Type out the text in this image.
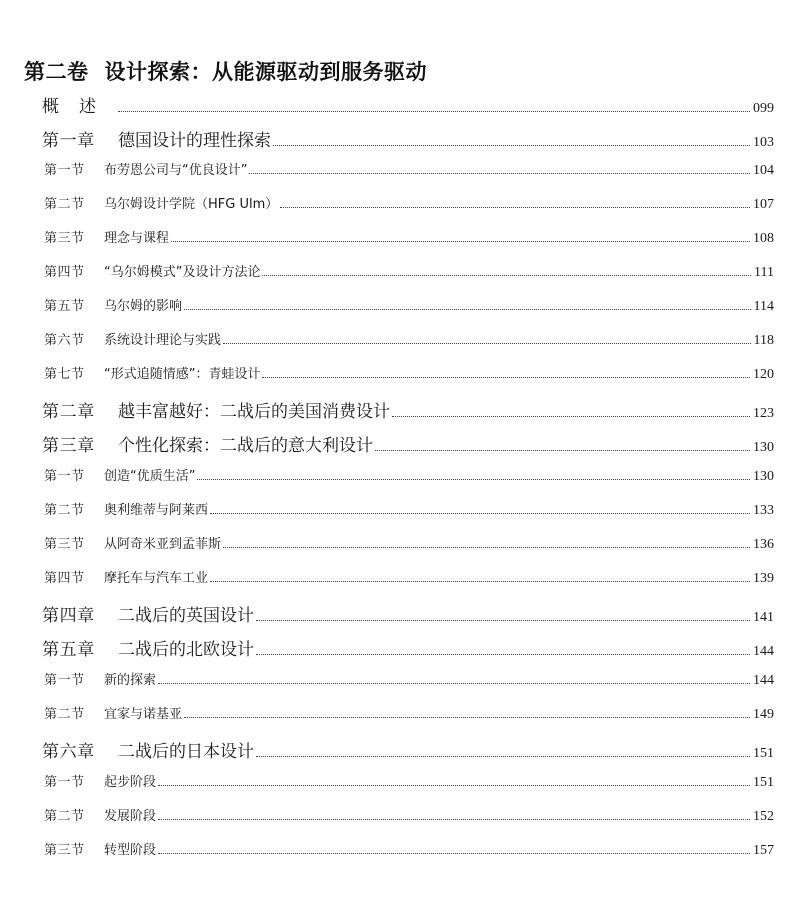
第二卷 设计探索：从能源驱动到服务驱动
概述	099
第一章	德国设计的理性探索	103
第一节	布劳恩公司与“优良设计”	104
第二节	乌尔姆设计学院（HFG Ulm）	107
第三节	理念与课程	108
第四节	“乌尔姆模式”及设计方法论	111
第五节	乌尔姆的影响	114
第六节	系统设计理论与实践	118
第七节	“形式追随情感”：青蛙设计	120
第二章	越丰富越好：二战后的美国消费设计	123
第三章	个性化探索：二战后的意大利设计	130
第一节	创造“优质生活”	130
第二节	奥利维蒂与阿莱西	133
第三节	从阿奇米亚到孟菲斯	136
第四节	摩托车与汽车工业	139
第四章	二战后的英国设计	141
第五章	二战后的北欧设计	144
第一节	新的探索	144
第二节	宜家与诺基亚	149
第六章	二战后的日本设计	151
第一节	起步阶段	151
第二节	发展阶段	152
第三节	转型阶段	157
